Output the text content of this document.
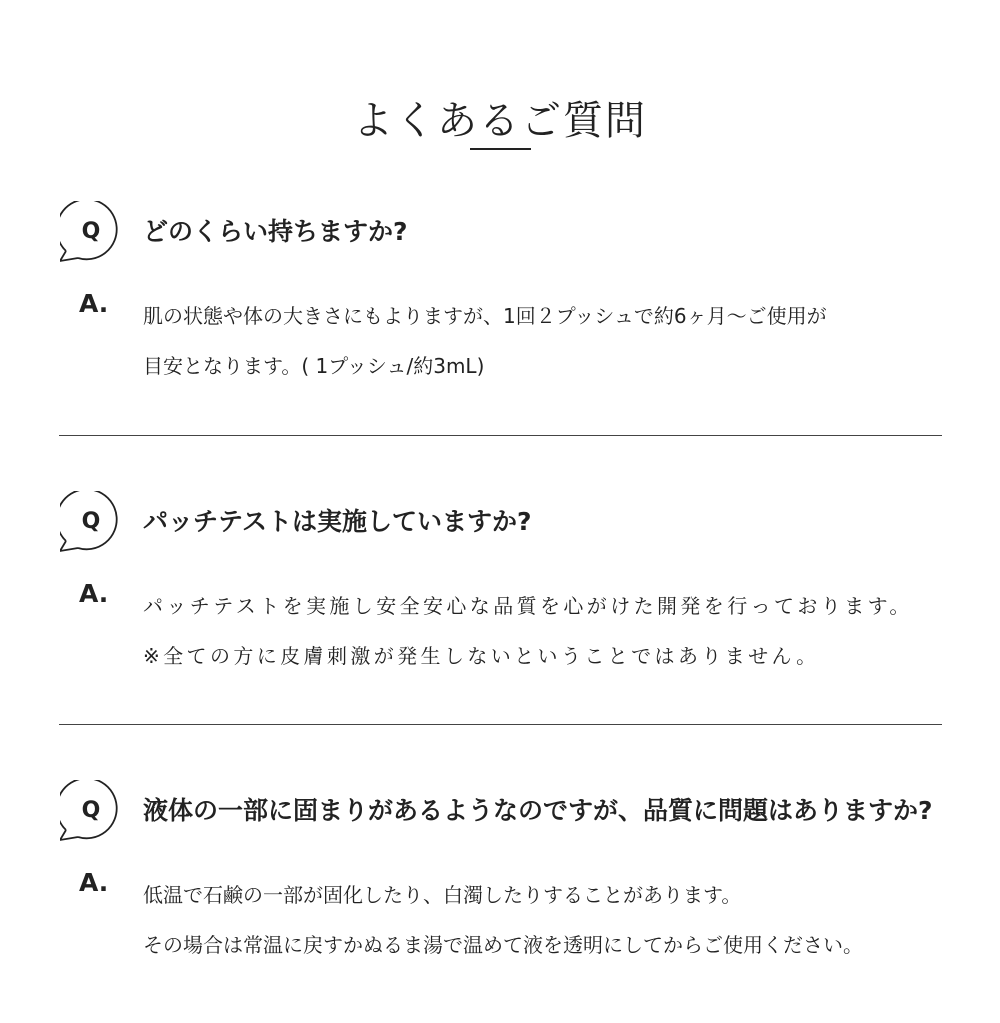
よくあるご質問
Q	どのくらい持ちますか?
A. 肌の状態や体の大きさにもよりますが、1回２プッシュで約6ヶ月〜ご使用が
目安となります。( 1プッシュ/約3mL)
Q	パッチテストは実施していますか?
A. パッチテストを実施し安全安心な品質を心がけた開発を行っております。
※全ての方に皮膚刺激が発生しないということではありません。
Q	液体の一部に固まりがあるようなのですが、品質に問題はありますか?
A. 低温で石鹸の一部が固化したり、白濁したりすることがあります。
その場合は常温に戻すかぬるま湯で温めて液を透明にしてからご使用ください。
